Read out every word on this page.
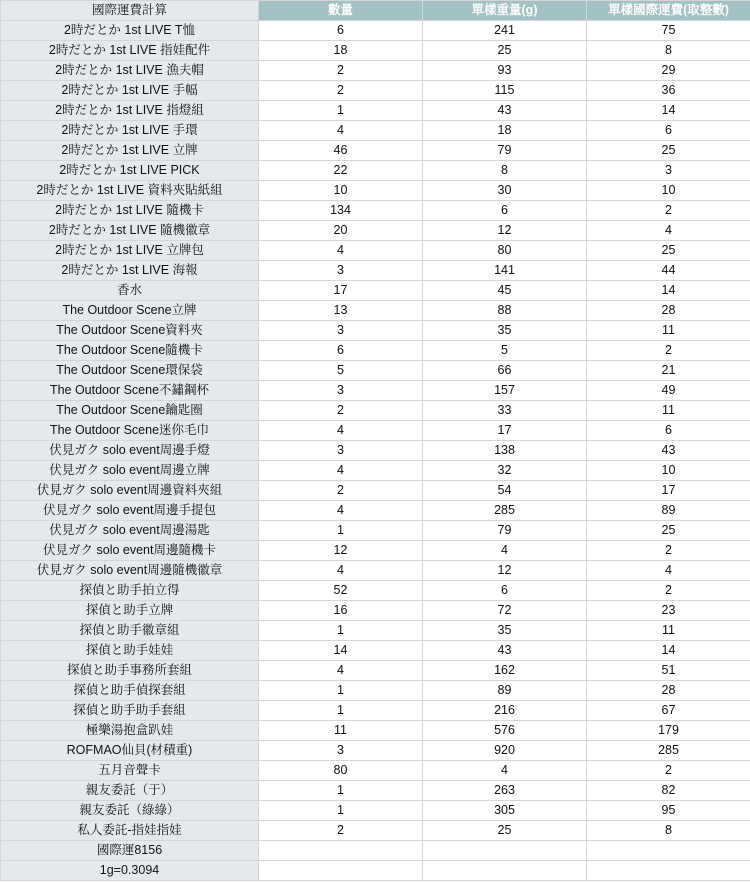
國際運費計算	數量	單樣重量(g)	單樣國際運費(取整數)
2時だとか 1st LIVE T恤	6	241	75
2時だとか 1st LIVE 指娃配件	18	25	8
2時だとか 1st LIVE 漁夫帽	2	93	29
2時だとか 1st LIVE 手幅	2	115	36
2時だとか 1st LIVE 指燈組	1	43	14
2時だとか 1st LIVE 手環	4	18	6
2時だとか 1st LIVE 立牌	46	79	25
2時だとか 1st LIVE PICK	22	8	3
2時だとか 1st LIVE 資料夾貼紙組	10	30	10
2時だとか 1st LIVE 隨機卡	134	6	2
2時だとか 1st LIVE 隨機徽章	20	12	4
2時だとか 1st LIVE 立牌包	4	80	25
2時だとか 1st LIVE 海報	3	141	44
香水	17	45	14
The Outdoor Scene立牌	13	88	28
The Outdoor Scene資料夾	3	35	11
The Outdoor Scene隨機卡	6	5	2
The Outdoor Scene環保袋	5	66	21
The Outdoor Scene不鏽鋼杯	3	157	49
The Outdoor Scene鑰匙圈	2	33	11
The Outdoor Scene迷你毛巾	4	17	6
伏見ガク solo event周邊手燈	3	138	43
伏見ガク solo event周邊立牌	4	32	10
伏見ガク solo event周邊資料夾組	2	54	17
伏見ガク solo event周邊手提包	4	285	89
伏見ガク solo event周邊湯匙	1	79	25
伏見ガク solo event周邊隨機卡	12	4	2
伏見ガク solo event周邊隨機徽章	4	12	4
探偵と助手拍立得	52	6	2
探偵と助手立牌	16	72	23
探偵と助手徽章組	1	35	11
探偵と助手娃娃	14	43	14
探偵と助手事務所套組	4	162	51
探偵と助手偵探套組	1	89	28
探偵と助手助手套組	1	216	67
極樂湯抱盒趴娃	11	576	179
ROFMAO仙貝(材積重)	3	920	285
五月音聲卡	80	4	2
親友委託（于）	1	263	82
親友委託（綠綠）	1	305	95
私人委託-指娃指娃	2	25	8
國際運8156			
1g=0.3094			
